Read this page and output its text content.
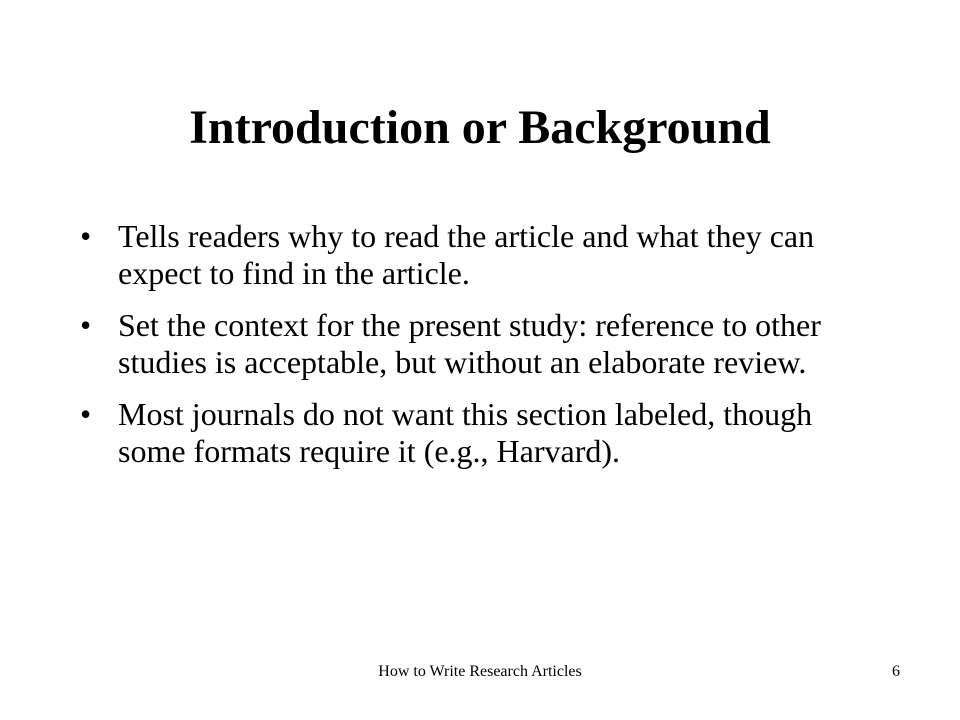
Introduction or Background
• Tells readers why to read the article and what they can expect to find in the article.
• Set the context for the present study: reference to other studies is acceptable, but without an elaborate review.
• Most journals do not want this section labeled, though some formats require it (e.g., Harvard).
How to Write Research Articles	6
